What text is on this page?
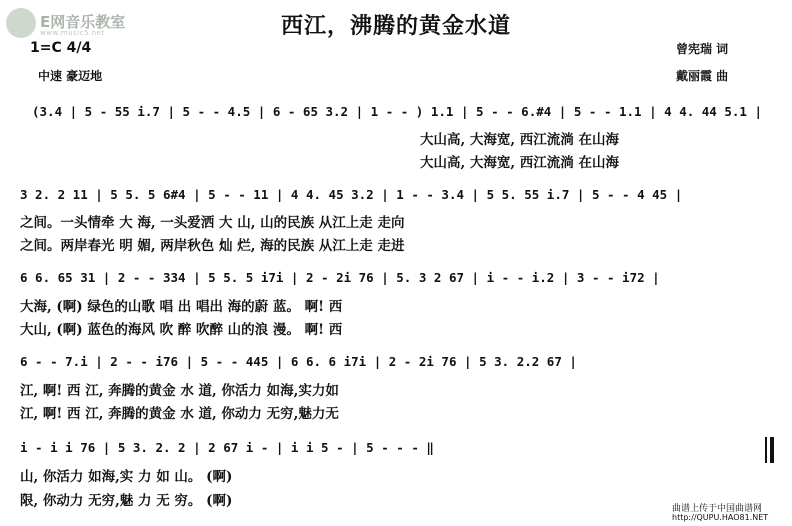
E网音乐教室
www.music5.net	西江，沸腾的黄金水道
1=C 4/4
中速 豪迈地
曾宪瑞 词
戴丽霞 曲
(3.4 | 5 - 55 i.7 | 5 - - 4.5 | 6 - 65 3.2 | 1 - - ) 1.1 | 5 - - 6.#4 | 5 - - 1.1 | 4 4. 44 5.1 |
大山高, 大海宽, 西江流淌 在山海
大山高, 大海宽, 西江流淌 在山海
3 2. 2 11 | 5 5. 5 6#4 | 5 - - 11 | 4 4. 45 3.2 | 1 - - 3.4 | 5 5. 55 i.7 | 5 - - 4 45 |
之间。一头情牵 大 海, 一头爱洒 大 山, 山的民族 从江上走 走向
之间。两岸春光 明 媚, 两岸秋色 灿 烂, 海的民族 从江上走 走进
6 6. 65 31 | 2 - - 334 | 5 5. 5 i7i | 2 - 2i 76 | 5. 3 2 67 | i - - i.2 | 3 - - i72 |
大海, (啊) 绿色的山歌 唱 出 唱出 海的蔚 蓝。 啊! 西
大山, (啊) 蓝色的海风 吹 醉 吹醉 山的浪 漫。 啊! 西
6 - - 7.i | 2 - - i76 | 5 - - 445 | 6 6. 6 i7i | 2 - 2i 76 | 5 3. 2.2 67 |
江, 啊! 西 江, 奔腾的黄金 水 道, 你活力 如海,实力如
江, 啊! 西 江, 奔腾的黄金 水 道, 你动力 无穷,魅力无
i - i i 76 | 5 3. 2. 2 | 2 67 i - | i i 5 - | 5 - - - ‖
山, 你活力 如海,实 力 如 山。 (啊)
限, 你动力 无穷,魅 力 无 穷。 (啊)	曲谱上传于中国曲谱网
http://QUPU.HAO81.NET
